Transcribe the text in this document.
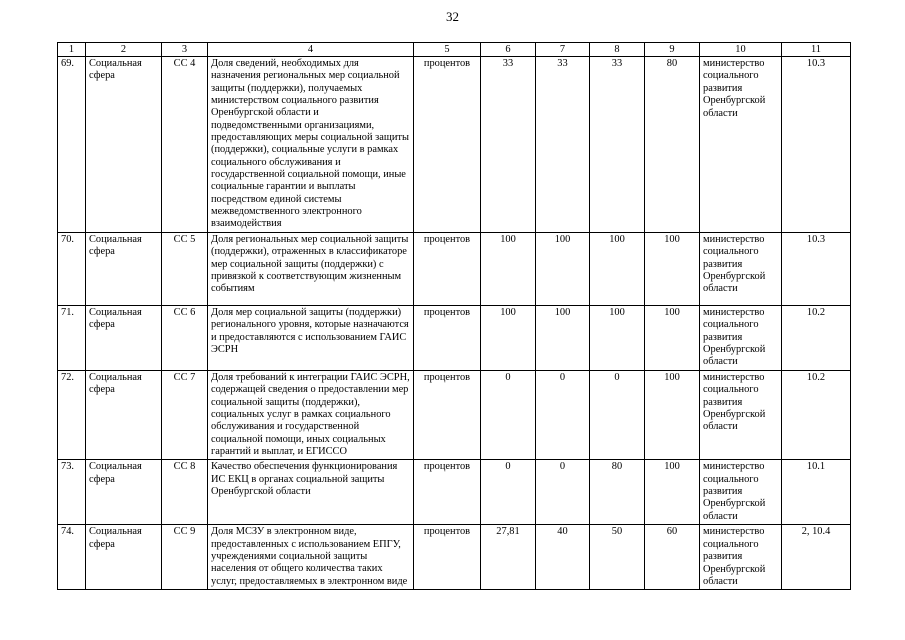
32
1	2	3	4	5	6	7	8	9	10	11
69.	Социальная сфера	СС 4	Доля сведений, необходимых для назначения региональных мер социальной защиты (поддержки), получаемых министерством социального развития Оренбургской области и подведомственными организациями, предоставляющих меры социальной защиты (поддержки), социальные услуги в рамках социального обслуживания и государственной социальной помощи, иные социальные гарантии и выплаты посредством единой системы межведомственного электронного взаимодействия	процентов	33	33	33	80	министерство социального развития Оренбургской области	10.3
70.	Социальная сфера	СС 5	Доля региональных мер социальной защиты (поддержки), отраженных в классификаторе мер социальной защиты (поддержки) с привязкой к соответствующим жизненным событиям	процентов	100	100	100	100	министерство социального развития Оренбургской области	10.3
71.	Социальная сфера	СС 6	Доля мер социальной защиты (поддержки) регионального уровня, которые назначаются и предоставляются с использованием ГАИС ЭСРН	процентов	100	100	100	100	министерство социального развития Оренбургской области	10.2
72.	Социальная сфера	СС 7	Доля требований к интеграции ГАИС ЭСРН, содержащей сведения о предоставлении мер социальной защиты (поддержки), социальных услуг в рамках социального обслуживания и государственной социальной помощи, иных социальных гарантий и выплат, и ЕГИССО	процентов	0	0	0	100	министерство социального развития Оренбургской области	10.2
73.	Социальная сфера	СС 8	Качество обеспечения функционирования ИС ЕКЦ в органах социальной защиты Оренбургской области	процентов	0	0	80	100	министерство социального развития Оренбургской области	10.1
74.	Социальная сфера	СС 9	Доля МСЗУ в электронном виде, предоставленных с использованием ЕПГУ, учреждениями социальной защиты населения от общего количества таких услуг, предоставляемых в электронном виде	процентов	27,81	40	50	60	министерство социального развития Оренбургской области	2, 10.4
